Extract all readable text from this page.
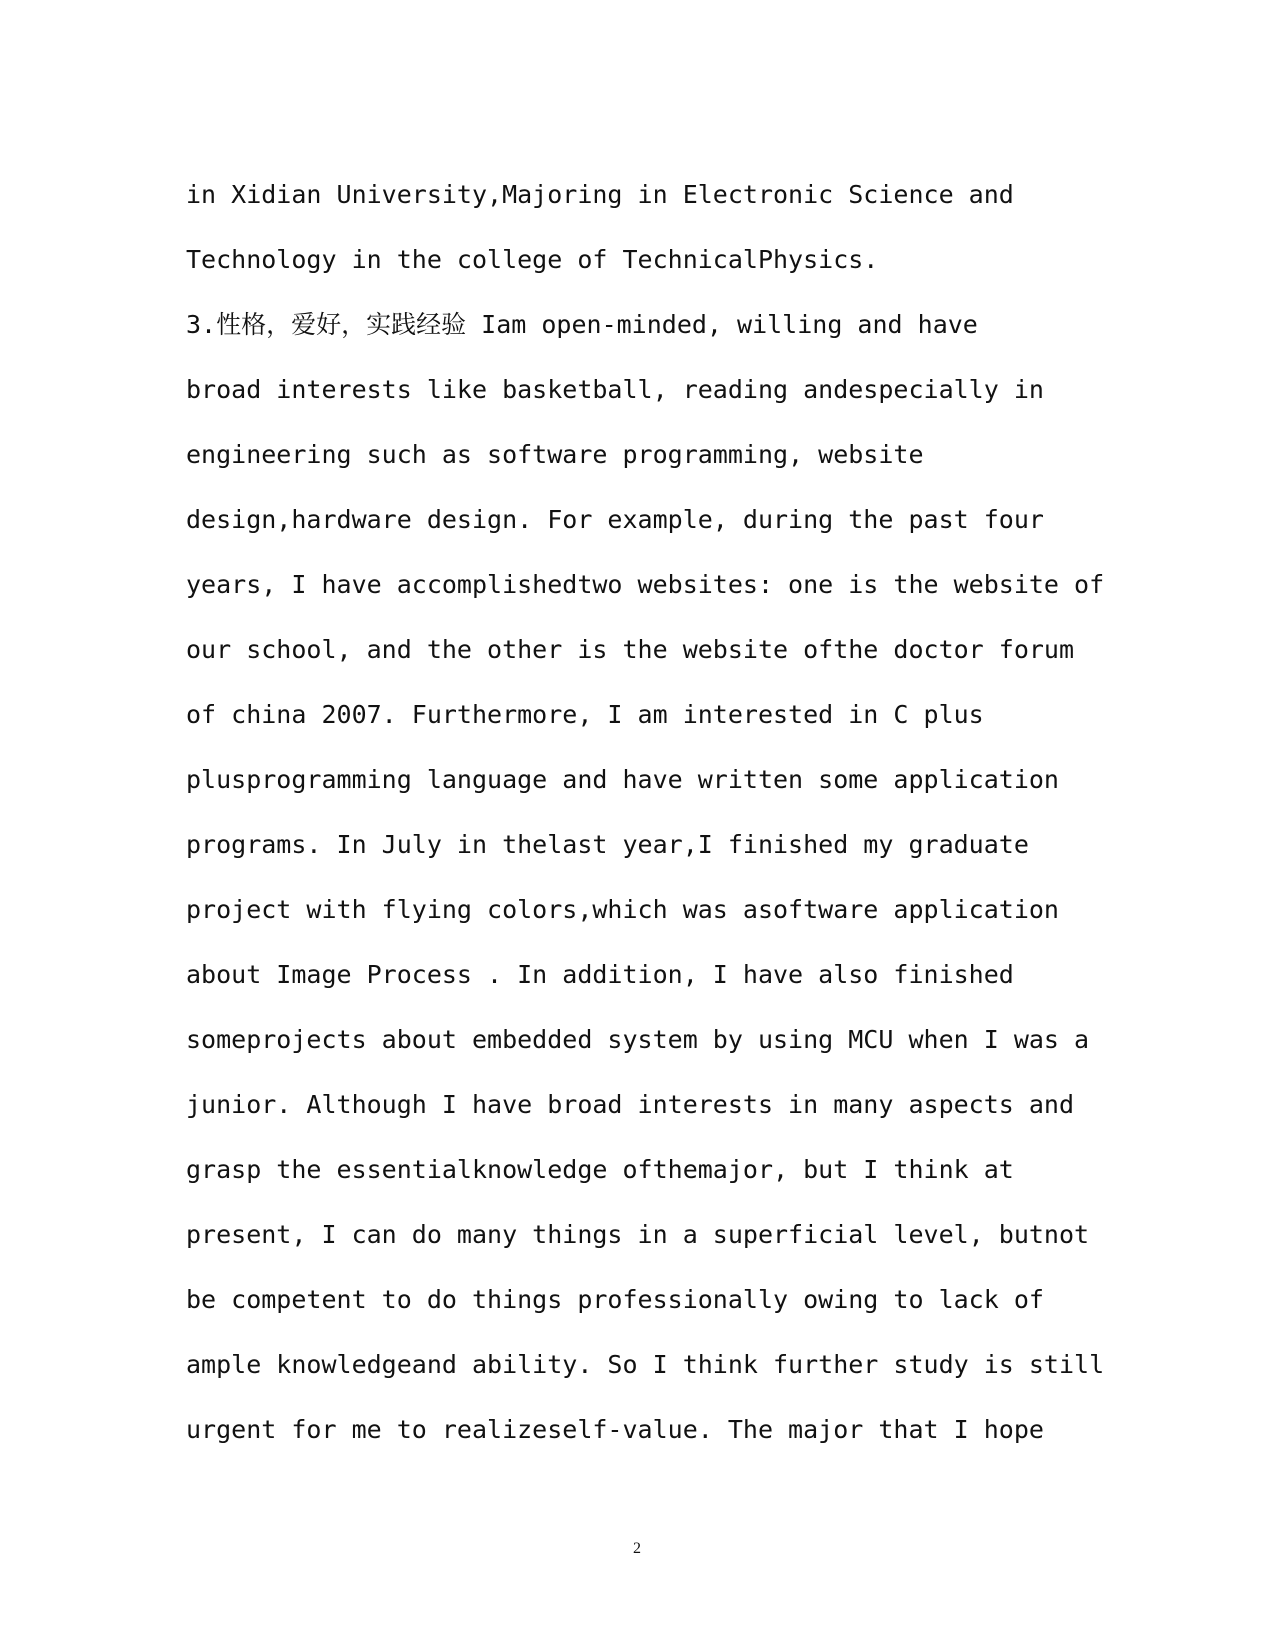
in Xidian University,Majoring in Electronic Science and
Technology in the college of TechnicalPhysics.
3.性格，爱好，实践经验 Iam open-minded, willing and have
broad interests like basketball, reading andespecially in
engineering such as software programming, website
design,hardware design. For example, during the past four
years, I have accomplishedtwo websites: one is the website of
our school, and the other is the website ofthe doctor forum
of china 2007. Furthermore, I am interested in C plus
plusprogramming language and have written some application
programs. In July in thelast year,I finished my graduate
project with flying colors,which was asoftware application
about Image Process . In addition, I have also finished
someprojects about embedded system by using MCU when I was a
junior. Although I have broad interests in many aspects and
grasp the essentialknowledge ofthemajor, but I think at
present, I can do many things in a superficial level, butnot
be competent to do things professionally owing to lack of
ample knowledgeand ability. So I think further study is still
urgent for me to realizeself-value. The major that I hope
2
